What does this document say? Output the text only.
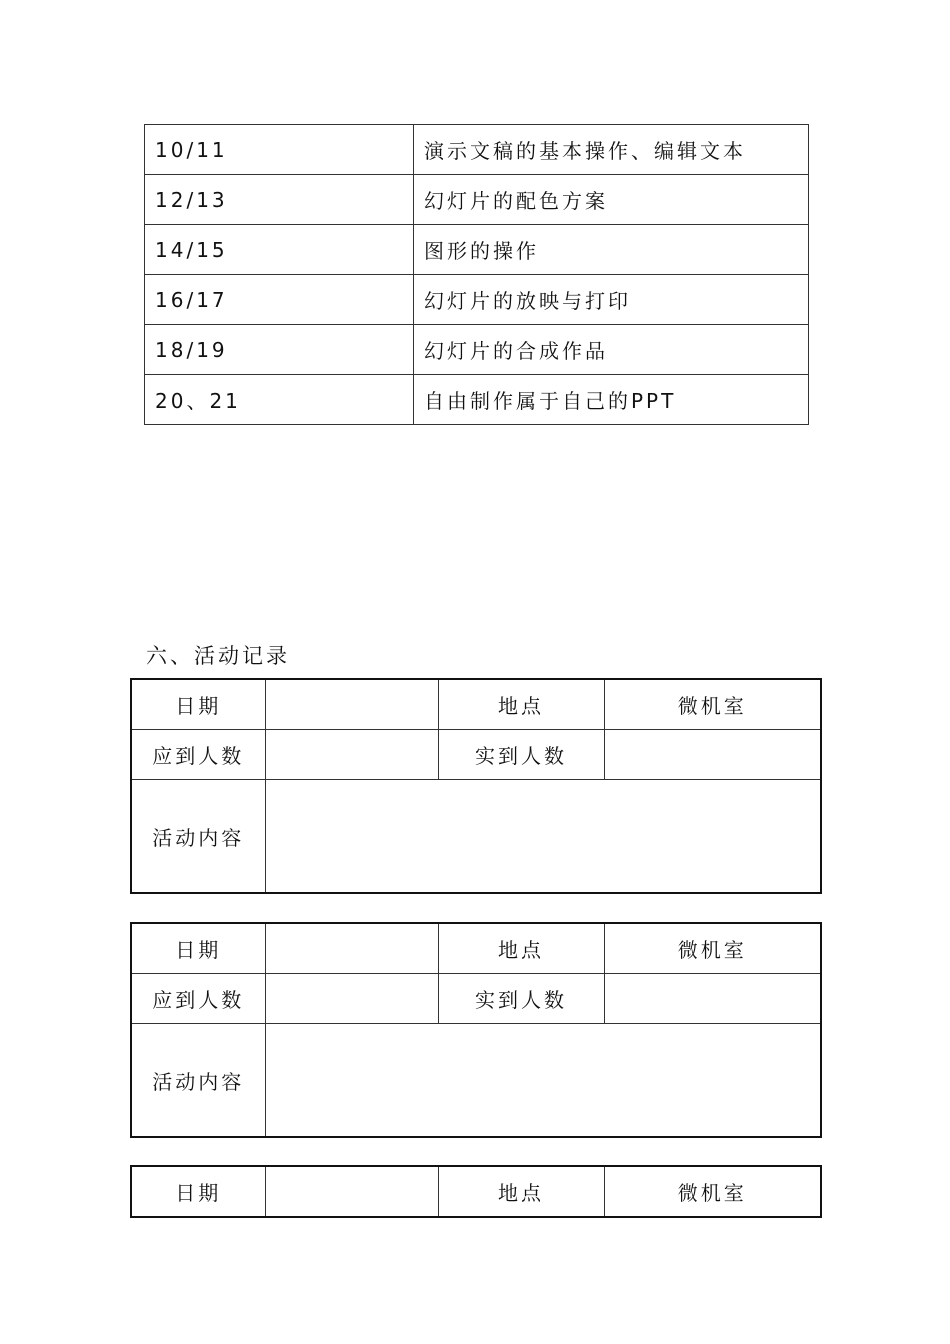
10/11	演示文稿的基本操作、编辑文本
12/13	幻灯片的配色方案
14/15	图形的操作
16/17	幻灯片的放映与打印
18/19	幻灯片的合成作品
20、21	自由制作属于自己的PPT
六、活动记录
日期		地点	微机室
应到人数		实到人数	
活动内容			
日期		地点	微机室
应到人数		实到人数	
活动内容			
日期		地点	微机室
